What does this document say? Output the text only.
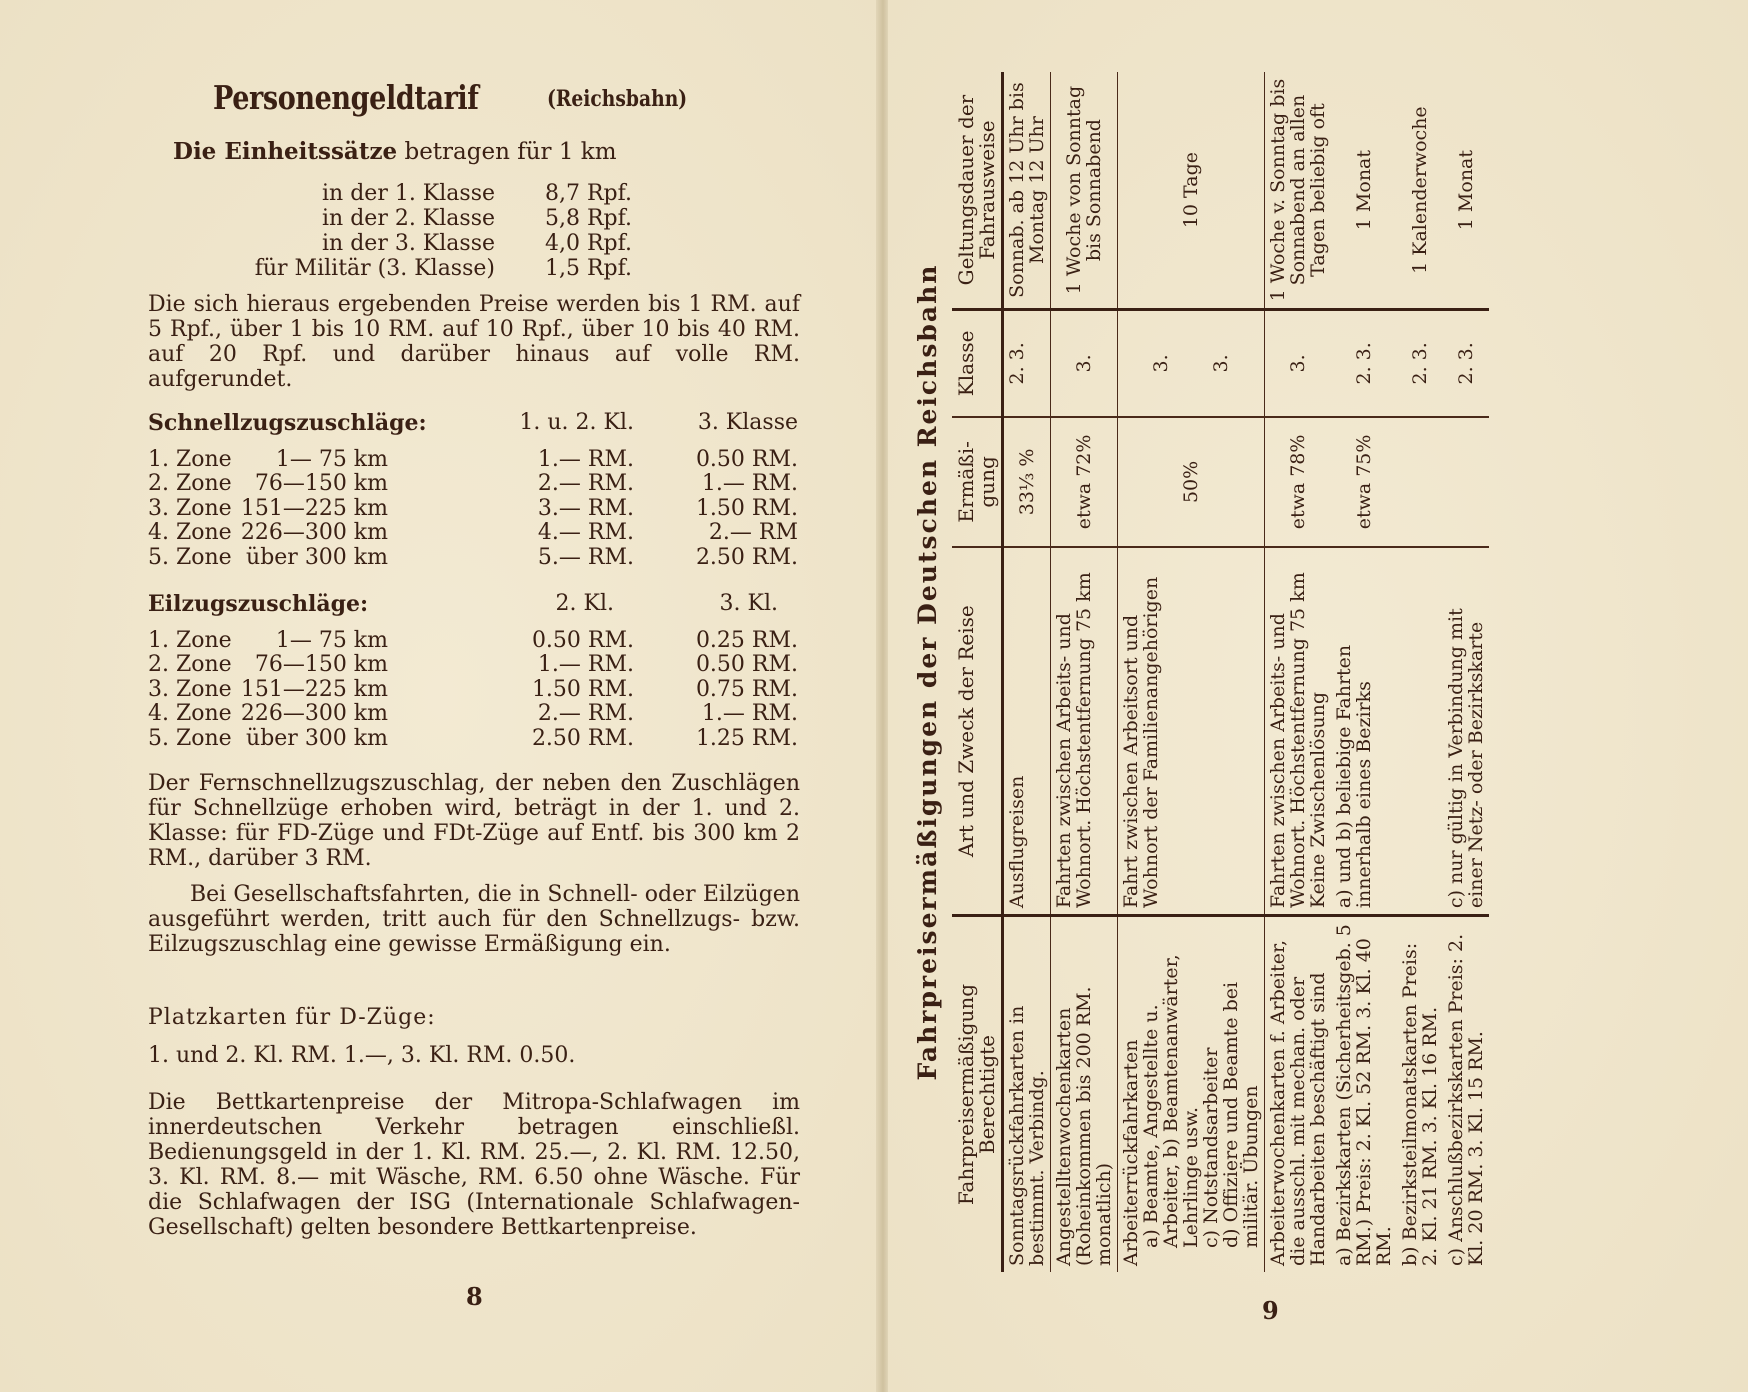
Personengeldtarif	(Reichsbahn)
Die Einheitssätze betragen für 1 km
in der 1. Klasse 8,7 Rpf.
in der 2. Klasse 5,8 Rpf.
in der 3. Klasse 4,0 Rpf.
für Militär (3. Klasse) 1,5 Rpf.
Die sich hieraus ergebenden Preise werden bis 1 RM. auf 5 Rpf., über 1 bis 10 RM. auf 10 Rpf., über 10 bis 40 RM. auf 20 Rpf. und darüber hinaus auf volle RM. aufgerundet.
Schnellzugszuschläge:	1. u. 2. Kl.	3. Klasse
1. Zone 1— 75 km	1.— RM.	0.50 RM.
2. Zone 76—150 km	2.— RM.	1.— RM.
3. Zone 151—225 km	3.— RM.	1.50 RM.
4. Zone 226—300 km	4.— RM.	2.— RM
5. Zone über 300 km	5.— RM.	2.50 RM.
Eilzugszuschläge:	2. Kl.	3. Kl.
1. Zone 1— 75 km	0.50 RM.	0.25 RM.
2. Zone 76—150 km	1.— RM.	0.50 RM.
3. Zone 151—225 km	1.50 RM.	0.75 RM.
4. Zone 226—300 km	2.— RM.	1.— RM.
5. Zone über 300 km	2.50 RM.	1.25 RM.
Der Fernschnellzugszuschlag, der neben den Zuschlägen für Schnellzüge erhoben wird, beträgt in der 1. und 2. Klasse: für FD-Züge und FDt-Züge auf Entf. bis 300 km 2 RM., darüber 3 RM.
Bei Gesellschaftsfahrten, die in Schnell- oder Eilzügen ausgeführt werden, tritt auch für den Schnellzugs- bzw. Eilzugszuschlag eine gewisse Ermäßigung ein.
Platzkarten für D-Züge:
1. und 2. Kl. RM. 1.—, 3. Kl. RM. 0.50.
Die Bettkartenpreise der Mitropa-Schlafwagen im innerdeutschen Verkehr betragen einschließl. Bedienungsgeld in der 1. Kl. RM. 25.—, 2. Kl. RM. 12.50, 3. Kl. RM. 8.— mit Wäsche, RM. 6.50 ohne Wäsche. Für die Schlafwagen der ISG (Internationale Schlafwagen-Gesellschaft) gelten besondere Bettkartenpreise.
8
Fahrpreisermäßigungen der Deutschen Reichsbahn
Fahrpreisermäßigung Berechtigte	Art und Zweck der Reise	Ermäßi-gung	Klasse	Geltungsdauer der Fahrausweise
Sonntagsrückfahrkarten in bestimmt. Verbindg.	Ausflugreisen	33⅓ %	2. 3.	Sonnab. ab 12 Uhr bis Montag 12 Uhr
Angestelltenwochenkarten (Roheinkommen bis 200 RM. monatlich)	Fahrten zwischen Arbeits- und Wohnort. Höchstentfernung 75 km	etwa 72%	3.	1 Woche von Sonntag bis Sonnabend
Arbeiterrückfahrkarten
a) Beamte, Angestellte u. Arbeiter, b) Beamtenanwärter, Lehrlinge usw.
c) Notstandsarbeiter
d) Offiziere und Beamte bei militär. Übungen	Fahrt zwischen Arbeitsort und Wohnort der Familienangehörigen	50%	3. 3.	10 Tage
Arbeiterwochenkarten f. Arbeiter, die ausschl. mit mechan. oder Handarbeiten beschäftigt sind	Fahrten zwischen Arbeits- und Wohnort. Höchstentfernung 75 km Keine Zwischenlösung	etwa 78%	3.	1 Woche v. Sonntag bis Sonnabend an allen Tagen beliebig oft
a) Bezirkskarten (Sicherheitsgeb. 5 RM.) Preis: 2. Kl. 52 RM. 3. Kl. 40 RM.	a) und b) beliebige Fahrten innerhalb eines Bezirks	etwa 75%	2. 3.	1 Monat
b) Bezirksteilmonatskarten Preis: 2. Kl. 21 RM. 3. Kl. 16 RM.			2. 3.	1 Kalenderwoche
c) Anschlußbezirkskarten Preis: 2. Kl. 20 RM. 3. Kl. 15 RM.	c) nur gültig in Verbindung mit einer Netz- oder Bezirkskarte		2. 3.	1 Monat
9
